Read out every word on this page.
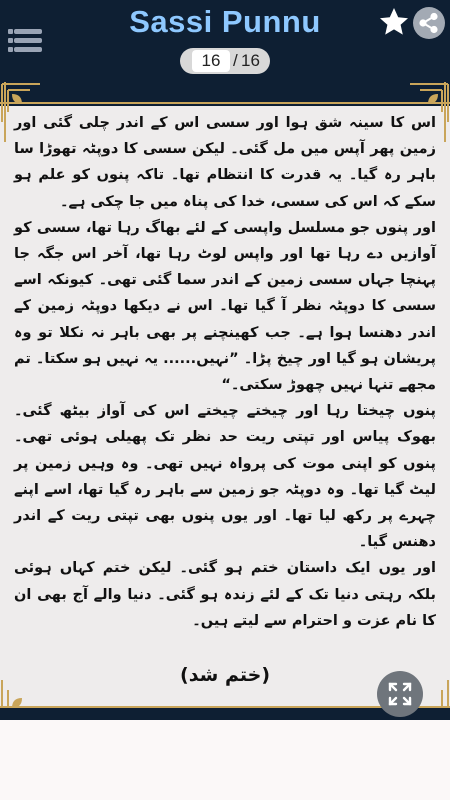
Sassi Punnu
16 / 16

اس کا سینہ شق ہوا اور سسی اس کے اندر چلی گئی اور زمین پھر آپس میں مل گئی۔ لیکن سسی کا دوپٹہ تھوڑا سا باہر رہ گیا۔ یہ قدرت کا انتظام تھا۔ تاکہ پنوں کو علم ہو سکے کہ اس کی سسی، خدا کی پناہ میں جا چکی ہے۔

اور پنوں جو مسلسل واپسی کے لئے بھاگ رہا تھا، سسی کو آوازیں دے رہا تھا اور واپس لوٹ رہا تھا، آخر اس جگہ جا پہنچا جہاں سسی زمین کے اندر سما گئی تھی۔ کیونکہ اسے سسی کا دوپٹہ نظر آ گیا تھا۔ اس نے دیکھا دوپٹہ زمین کے اندر دھنسا ہوا ہے۔ جب کھینچنے پر بھی باہر نہ نکلا تو وہ پریشان ہو گیا اور چیخ پڑا۔ ”نہیں...... یہ نہیں ہو سکتا۔ تم مجھے تنہا نہیں چھوڑ سکتی۔“

پنوں چیختا رہا اور چیختے چیختے اس کی آواز بیٹھ گئی۔ بھوک پیاس اور تپتی ریت حد نظر تک پھیلی ہوئی تھی۔ پنوں کو اپنی موت کی پرواہ نہیں تھی۔ وہ وہیں زمین پر لیٹ گیا تھا۔ وہ دوپٹہ جو زمین سے باہر رہ گیا تھا، اسے اپنے چہرے پر رکھ لیا تھا۔ اور یوں پنوں بھی تپتی ریت کے اندر دھنس گیا۔

اور یوں ایک داستان ختم ہو گئی۔ لیکن ختم کہاں ہوئی بلکہ رہتی دنیا تک کے لئے زندہ ہو گئی۔ دنیا والے آج بھی ان کا نام عزت و احترام سے لیتے ہیں۔

(ختم شد)
